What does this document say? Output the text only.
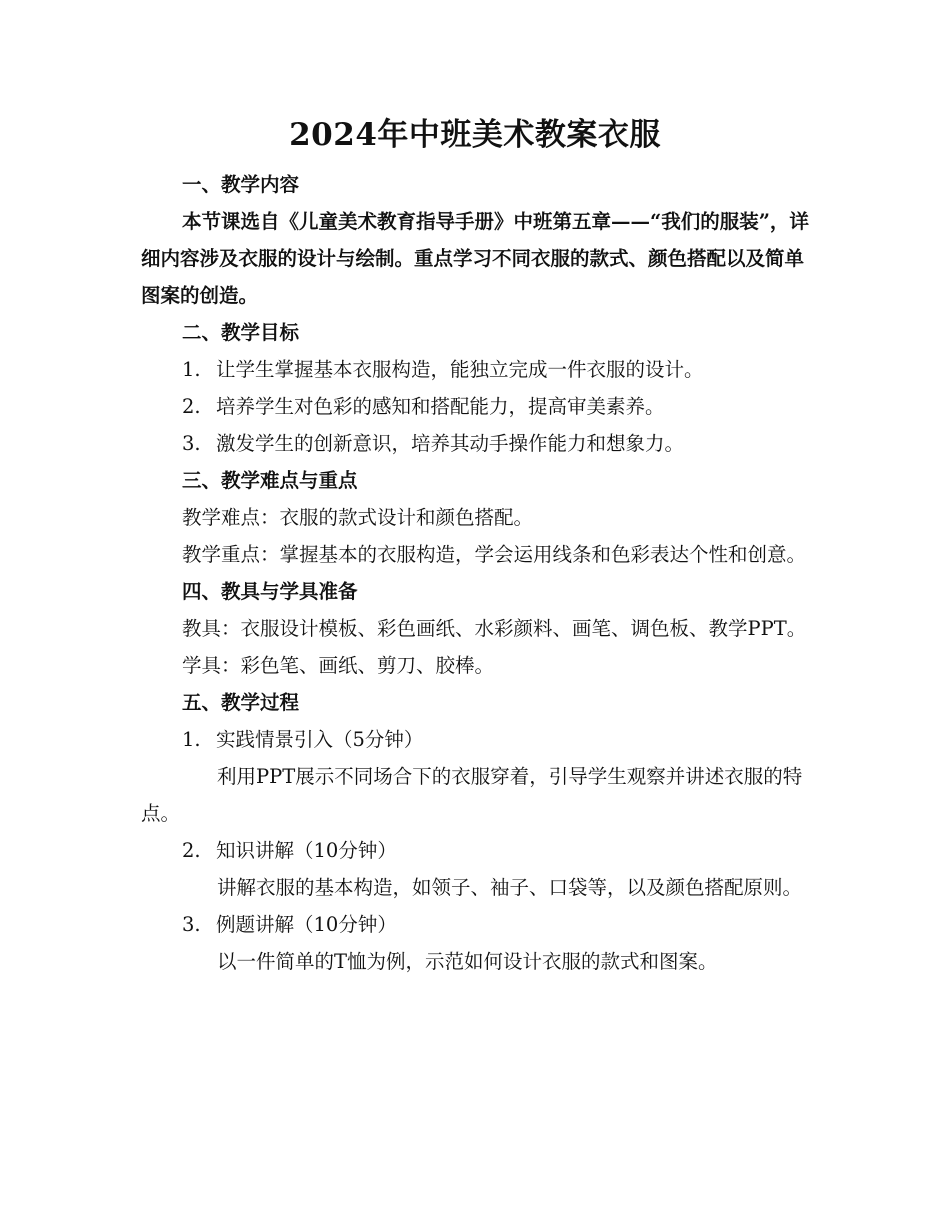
2024年中班美术教案衣服

一、教学内容

本节课选自《儿童美术教育指导手册》中班第五章——“我们的服装”，详细内容涉及衣服的设计与绘制。重点学习不同衣服的款式、颜色搭配以及简单图案的创造。

二、教学目标

1. 让学生掌握基本衣服构造，能独立完成一件衣服的设计。

2. 培养学生对色彩的感知和搭配能力，提高审美素养。

3. 激发学生的创新意识，培养其动手操作能力和想象力。

三、教学难点与重点

教学难点：衣服的款式设计和颜色搭配。

教学重点：掌握基本的衣服构造，学会运用线条和色彩表达个性和创意。

四、教具与学具准备

教具：衣服设计模板、彩色画纸、水彩颜料、画笔、调色板、教学PPT。

学具：彩色笔、画纸、剪刀、胶棒。

五、教学过程

1. 实践情景引入（5分钟）

利用PPT展示不同场合下的衣服穿着，引导学生观察并讲述衣服的特点。

2. 知识讲解（10分钟）

讲解衣服的基本构造，如领子、袖子、口袋等，以及颜色搭配原则。

3. 例题讲解（10分钟）

以一件简单的T恤为例，示范如何设计衣服的款式和图案。
